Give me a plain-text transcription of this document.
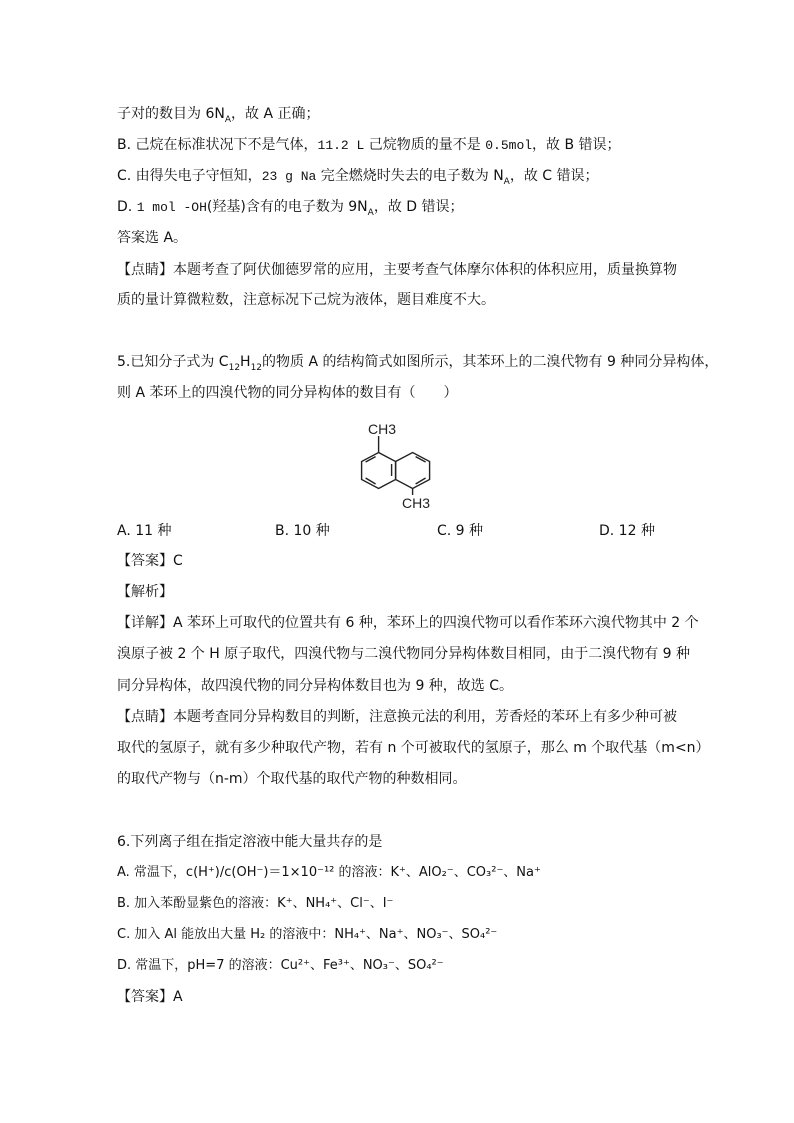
子对的数目为 $6N_A$，故 A 正确；
B. 己烷在标准状况下不是气体，11.2 L 己烷物质的量不是 0.5mol，故 B 错误；
C. 由得失电子守恒知，23 g Na 完全燃烧时失去的电子数为 $N_A$，故 C 错误；
D. 1 mol -OH(羟基)含有的电子数为 $9N_A$，故 D 错误；
答案选 A。
【点睛】本题考查了阿伏伽德罗常的应用，主要考查气体摩尔体积的体积应用，质量换算物
质的量计算微粒数，注意标况下己烷为液体，题目难度不大。
5.已知分子式为 $C_{12}H_{12}$的物质 A 的结构简式如图所示，其苯环上的二溴代物有 9 种同分异构体，
则 A 苯环上的四溴代物的同分异构体的数目有（　　）
CH3
CH3
A. 11 种	B. 10 种	C. 9 种	D. 12 种
【答案】C
【解析】
【详解】A 苯环上可取代的位置共有 6 种，苯环上的四溴代物可以看作苯环六溴代物其中 2 个
溴原子被 2 个 H 原子取代，四溴代物与二溴代物同分异构体数目相同，由于二溴代物有 9 种
同分异构体，故四溴代物的同分异构体数目也为 9 种，故选 C。
【点睛】本题考查同分异构数目的判断，注意换元法的利用，芳香烃的苯环上有多少种可被
取代的氢原子，就有多少种取代产物，若有 n 个可被取代的氢原子，那么 m 个取代基（m<n）
的取代产物与（n-m）个取代基的取代产物的种数相同。
6.下列离子组在指定溶液中能大量共存的是
A. 常温下，c(H⁺)/c(OH⁻)＝1×10⁻¹² 的溶液：K⁺、AlO₂⁻、CO₃²⁻、Na⁺
B. 加入苯酚显紫色的溶液：K⁺、NH₄⁺、Cl⁻、I⁻
C. 加入 Al 能放出大量 H₂ 的溶液中：NH₄⁺、Na⁺、NO₃⁻、SO₄²⁻
D. 常温下，pH=7 的溶液：Cu²⁺、Fe³⁺、NO₃⁻、SO₄²⁻
【答案】A
